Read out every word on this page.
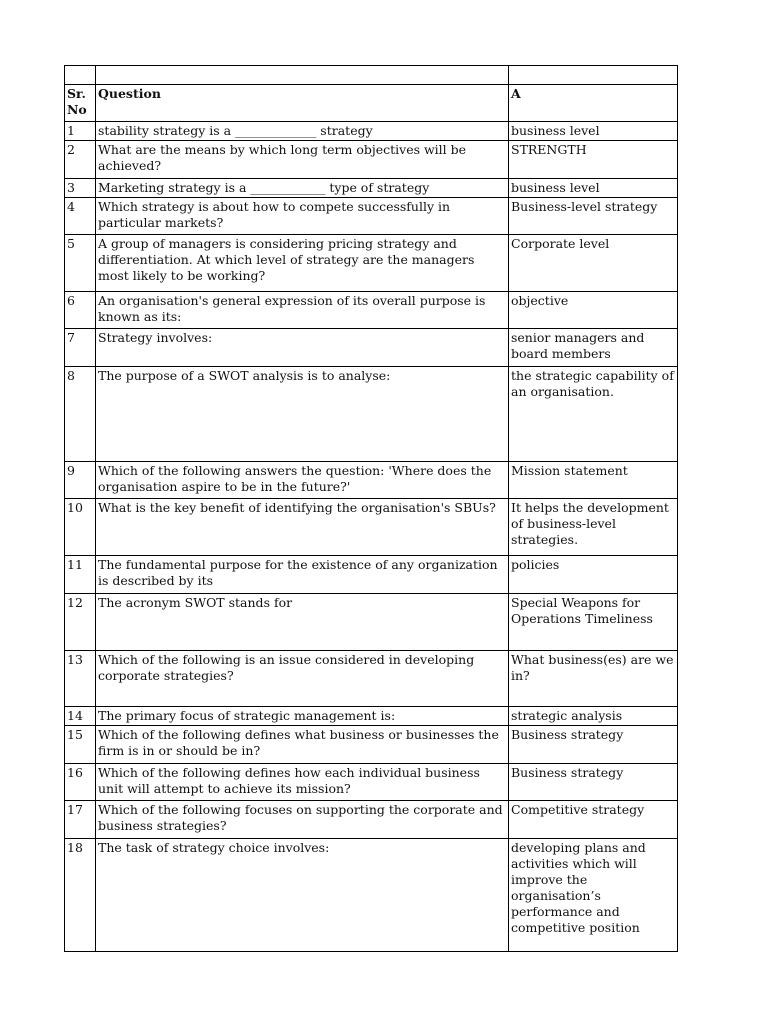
Sr. No	Question	A
1	stability strategy is a _____________ strategy	business level
2	What are the means by which long term objectives will be achieved?	STRENGTH
3	Marketing strategy is a ____________ type of strategy	business level
4	Which strategy is about how to compete successfully in particular markets?	Business-level strategy
5	A group of managers is considering pricing strategy and differentiation. At which level of strategy are the managers most likely to be working?	Corporate level
6	An organisation's general expression of its overall purpose is known as its:	objective
7	Strategy involves:	senior managers and board members
8	The purpose of a SWOT analysis is to analyse:	the strategic capability of an organisation.
9	Which of the following answers the question: 'Where does the organisation aspire to be in the future?'	Mission statement
10	What is the key benefit of identifying the organisation's SBUs?	It helps the development of business-level strategies.
11	The fundamental purpose for the existence of any organization is described by its	policies
12	The acronym SWOT stands for	Special Weapons for Operations Timeliness
13	Which of the following is an issue considered in developing corporate strategies?	What business(es) are we in?
14	The primary focus of strategic management is:	strategic analysis
15	Which of the following defines what business or businesses the firm is in or should be in?	Business strategy
16	Which of the following defines how each individual business unit will attempt to achieve its mission?	Business strategy
17	Which of the following focuses on supporting the corporate and business strategies?	Competitive strategy
18	The task of strategy choice involves:	developing plans and activities which will improve the organisation’s performance and competitive position
